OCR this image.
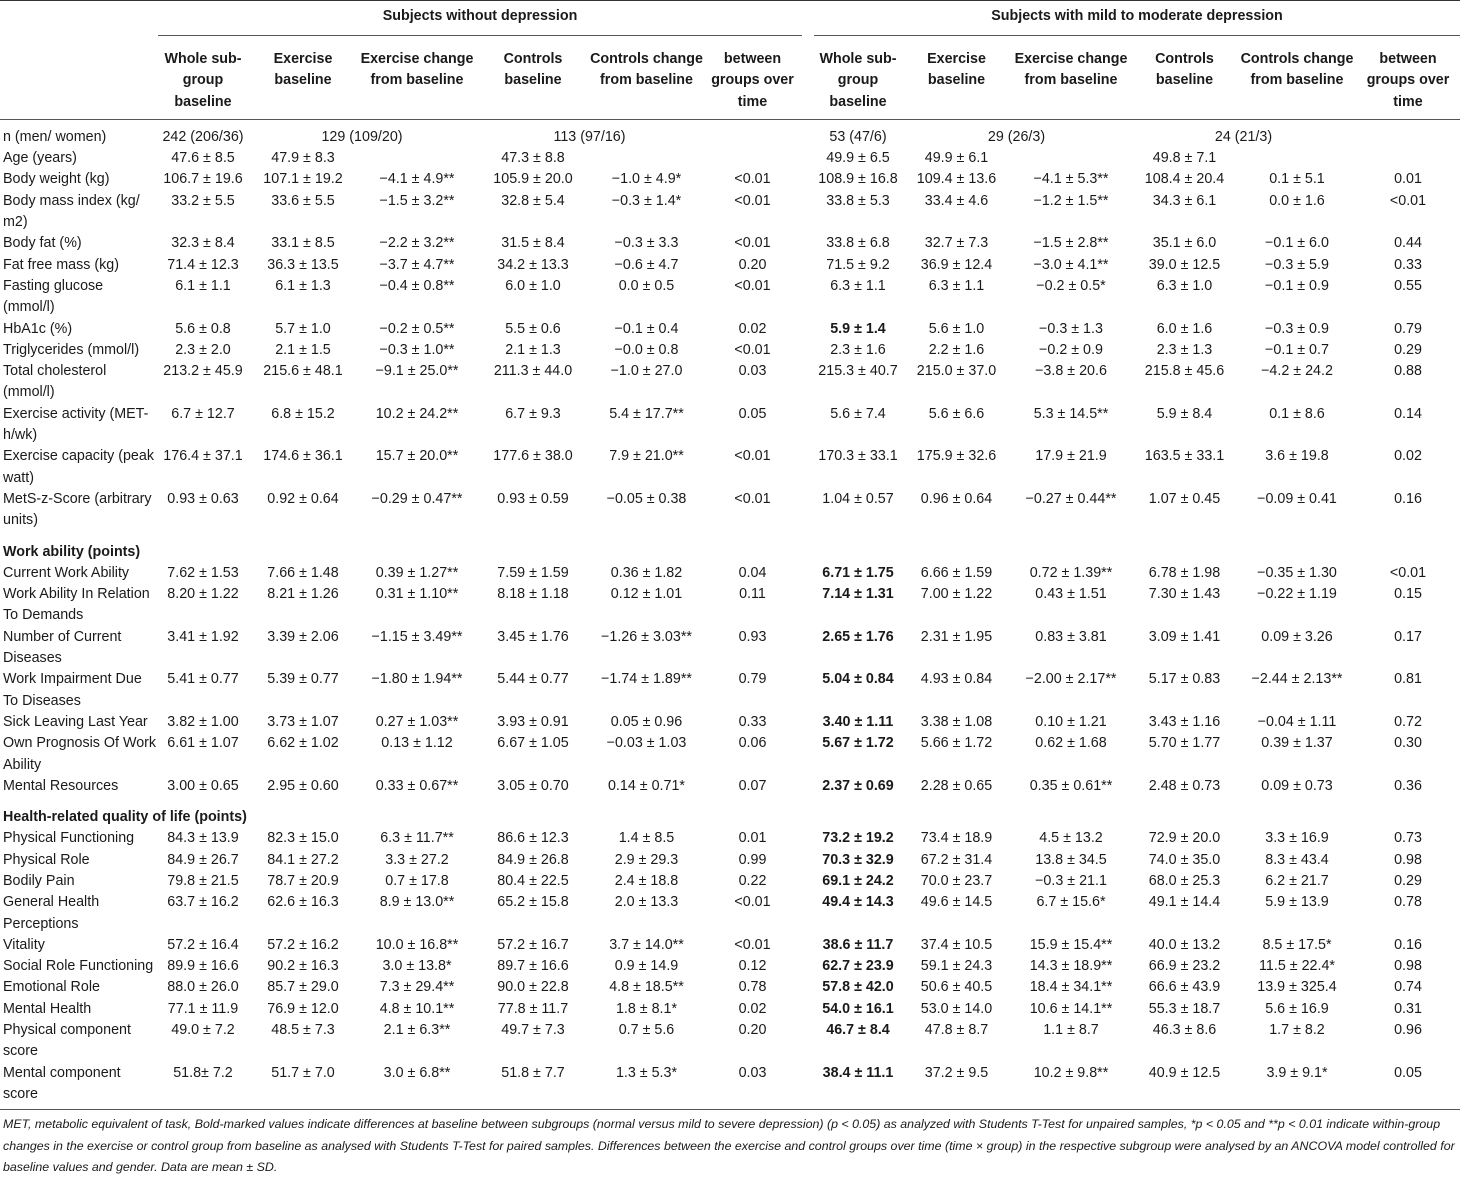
	Subjects without depression							Subjects with mild to moderate depression					

	Whole sub-group baseline	Exercise baseline	Exercise change from baseline	Controls baseline	Controls change from baseline	between groups over time		Whole sub-group baseline	Exercise baseline	Exercise change from baseline	Controls baseline	Controls change from baseline	between groups over time
n (men/ women)	242 (206/36)	129 (109/20)		113 (97/16)				53 (47/6)	29 (26/3)		24 (21/3)		
Age (years)	47.6 ± 8.5	47.9 ± 8.3		47.3 ± 8.8				49.9 ± 6.5	49.9 ± 6.1		49.8 ± 7.1		
Body weight (kg)	106.7 ± 19.6	107.1 ± 19.2	−4.1 ± 4.9**	105.9 ± 20.0	−1.0 ± 4.9*	<0.01		108.9 ± 16.8	109.4 ± 13.6	−4.1 ± 5.3**	108.4 ± 20.4	0.1 ± 5.1	0.01
Body mass index (kg/ m2)	33.2 ± 5.5	33.6 ± 5.5	−1.5 ± 3.2**	32.8 ± 5.4	−0.3 ± 1.4*	<0.01		33.8 ± 5.3	33.4 ± 4.6	−1.2 ± 1.5**	34.3 ± 6.1	0.0 ± 1.6	<0.01
Body fat (%)	32.3 ± 8.4	33.1 ± 8.5	−2.2 ± 3.2**	31.5 ± 8.4	−0.3 ± 3.3	<0.01		33.8 ± 6.8	32.7 ± 7.3	−1.5 ± 2.8**	35.1 ± 6.0	−0.1 ± 6.0	0.44
Fat free mass (kg)	71.4 ± 12.3	36.3 ± 13.5	−3.7 ± 4.7**	34.2 ± 13.3	−0.6 ± 4.7	0.20		71.5 ± 9.2	36.9 ± 12.4	−3.0 ± 4.1**	39.0 ± 12.5	−0.3 ± 5.9	0.33
Fasting glucose (mmol/l)	6.1 ± 1.1	6.1 ± 1.3	−0.4 ± 0.8**	6.0 ± 1.0	0.0 ± 0.5	<0.01		6.3 ± 1.1	6.3 ± 1.1	−0.2 ± 0.5*	6.3 ± 1.0	−0.1 ± 0.9	0.55
HbA1c (%)	5.6 ± 0.8	5.7 ± 1.0	−0.2 ± 0.5**	5.5 ± 0.6	−0.1 ± 0.4	0.02		5.9 ± 1.4	5.6 ± 1.0	−0.3 ± 1.3	6.0 ± 1.6	−0.3 ± 0.9	0.79
Triglycerides (mmol/l)	2.3 ± 2.0	2.1 ± 1.5	−0.3 ± 1.0**	2.1 ± 1.3	−0.0 ± 0.8	<0.01		2.3 ± 1.6	2.2 ± 1.6	−0.2 ± 0.9	2.3 ± 1.3	−0.1 ± 0.7	0.29
Total cholesterol (mmol/l)	213.2 ± 45.9	215.6 ± 48.1	−9.1 ± 25.0**	211.3 ± 44.0	−1.0 ± 27.0	0.03		215.3 ± 40.7	215.0 ± 37.0	−3.8 ± 20.6	215.8 ± 45.6	−4.2 ± 24.2	0.88
Exercise activity (MET-h/wk)	6.7 ± 12.7	6.8 ± 15.2	10.2 ± 24.2**	6.7 ± 9.3	5.4 ± 17.7**	0.05		5.6 ± 7.4	5.6 ± 6.6	5.3 ± 14.5**	5.9 ± 8.4	0.1 ± 8.6	0.14
Exercise capacity (peak watt)	176.4 ± 37.1	174.6 ± 36.1	15.7 ± 20.0**	177.6 ± 38.0	7.9 ± 21.0**	<0.01		170.3 ± 33.1	175.9 ± 32.6	17.9 ± 21.9	163.5 ± 33.1	3.6 ± 19.8	0.02
MetS-z-Score (arbitrary units)	0.93 ± 0.63	0.92 ± 0.64	−0.29 ± 0.47**	0.93 ± 0.59	−0.05 ± 0.38	<0.01		1.04 ± 0.57	0.96 ± 0.64	−0.27 ± 0.44**	1.07 ± 0.45	−0.09 ± 0.41	0.16
Work ability (points)													
Current Work Ability	7.62 ± 1.53	7.66 ± 1.48	0.39 ± 1.27**	7.59 ± 1.59	0.36 ± 1.82	0.04		6.71 ± 1.75	6.66 ± 1.59	0.72 ± 1.39**	6.78 ± 1.98	−0.35 ± 1.30	<0.01
Work Ability In Relation To Demands	8.20 ± 1.22	8.21 ± 1.26	0.31 ± 1.10**	8.18 ± 1.18	0.12 ± 1.01	0.11		7.14 ± 1.31	7.00 ± 1.22	0.43 ± 1.51	7.30 ± 1.43	−0.22 ± 1.19	0.15
Number of Current Diseases	3.41 ± 1.92	3.39 ± 2.06	−1.15 ± 3.49**	3.45 ± 1.76	−1.26 ± 3.03**	0.93		2.65 ± 1.76	2.31 ± 1.95	0.83 ± 3.81	3.09 ± 1.41	0.09 ± 3.26	0.17
Work Impairment Due To Diseases	5.41 ± 0.77	5.39 ± 0.77	−1.80 ± 1.94**	5.44 ± 0.77	−1.74 ± 1.89**	0.79		5.04 ± 0.84	4.93 ± 0.84	−2.00 ± 2.17**	5.17 ± 0.83	−2.44 ± 2.13**	0.81
Sick Leaving Last Year	3.82 ± 1.00	3.73 ± 1.07	0.27 ± 1.03**	3.93 ± 0.91	0.05 ± 0.96	0.33		3.40 ± 1.11	3.38 ± 1.08	0.10 ± 1.21	3.43 ± 1.16	−0.04 ± 1.11	0.72
Own Prognosis Of Work Ability	6.61 ± 1.07	6.62 ± 1.02	0.13 ± 1.12	6.67 ± 1.05	−0.03 ± 1.03	0.06		5.67 ± 1.72	5.66 ± 1.72	0.62 ± 1.68	5.70 ± 1.77	0.39 ± 1.37	0.30
Mental Resources	3.00 ± 0.65	2.95 ± 0.60	0.33 ± 0.67**	3.05 ± 0.70	0.14 ± 0.71*	0.07		2.37 ± 0.69	2.28 ± 0.65	0.35 ± 0.61**	2.48 ± 0.73	0.09 ± 0.73	0.36
Health-related quality of life (points)													
Physical Functioning	84.3 ± 13.9	82.3 ± 15.0	6.3 ± 11.7**	86.6 ± 12.3	1.4 ± 8.5	0.01		73.2 ± 19.2	73.4 ± 18.9	4.5 ± 13.2	72.9 ± 20.0	3.3 ± 16.9	0.73
Physical Role	84.9 ± 26.7	84.1 ± 27.2	3.3 ± 27.2	84.9 ± 26.8	2.9 ± 29.3	0.99		70.3 ± 32.9	67.2 ± 31.4	13.8 ± 34.5	74.0 ± 35.0	8.3 ± 43.4	0.98
Bodily Pain	79.8 ± 21.5	78.7 ± 20.9	0.7 ± 17.8	80.4 ± 22.5	2.4 ± 18.8	0.22		69.1 ± 24.2	70.0 ± 23.7	−0.3 ± 21.1	68.0 ± 25.3	6.2 ± 21.7	0.29
General Health Perceptions	63.7 ± 16.2	62.6 ± 16.3	8.9 ± 13.0**	65.2 ± 15.8	2.0 ± 13.3	<0.01		49.4 ± 14.3	49.6 ± 14.5	6.7 ± 15.6*	49.1 ± 14.4	5.9 ± 13.9	0.78
Vitality	57.2 ± 16.4	57.2 ± 16.2	10.0 ± 16.8**	57.2 ± 16.7	3.7 ± 14.0**	<0.01		38.6 ± 11.7	37.4 ± 10.5	15.9 ± 15.4**	40.0 ± 13.2	8.5 ± 17.5*	0.16
Social Role Functioning	89.9 ± 16.6	90.2 ± 16.3	3.0 ± 13.8*	89.7 ± 16.6	0.9 ± 14.9	0.12		62.7 ± 23.9	59.1 ± 24.3	14.3 ± 18.9**	66.9 ± 23.2	11.5 ± 22.4*	0.98
Emotional Role	88.0 ± 26.0	85.7 ± 29.0	7.3 ± 29.4**	90.0 ± 22.8	4.8 ± 18.5**	0.78		57.8 ± 42.0	50.6 ± 40.5	18.4 ± 34.1**	66.6 ± 43.9	13.9 ± 325.4	0.74
Mental Health	77.1 ± 11.9	76.9 ± 12.0	4.8 ± 10.1**	77.8 ± 11.7	1.8 ± 8.1*	0.02		54.0 ± 16.1	53.0 ± 14.0	10.6 ± 14.1**	55.3 ± 18.7	5.6 ± 16.9	0.31
Physical component score	49.0 ± 7.2	48.5 ± 7.3	2.1 ± 6.3**	49.7 ± 7.3	0.7 ± 5.6	0.20		46.7 ± 8.4	47.8 ± 8.7	1.1 ± 8.7	46.3 ± 8.6	1.7 ± 8.2	0.96
Mental component score	51.8± 7.2	51.7 ± 7.0	3.0 ± 6.8**	51.8 ± 7.7	1.3 ± 5.3*	0.03		38.4 ± 11.1	37.2 ± 9.5	10.2 ± 9.8**	40.9 ± 12.5	3.9 ± 9.1*	0.05
MET, metabolic equivalent of task, Bold-marked values indicate differences at baseline between subgroups (normal versus mild to severe depression) (p < 0.05) as analyzed with Students T-Test for unpaired samples, *p < 0.05 and **p < 0.01 indicate within-group changes in the exercise or control group from baseline as analysed with Students T-Test for paired samples. Differences between the exercise and control groups over time (time × group) in the respective subgroup were analysed by an ANCOVA model controlled for baseline values and gender. Data are mean ± SD.
